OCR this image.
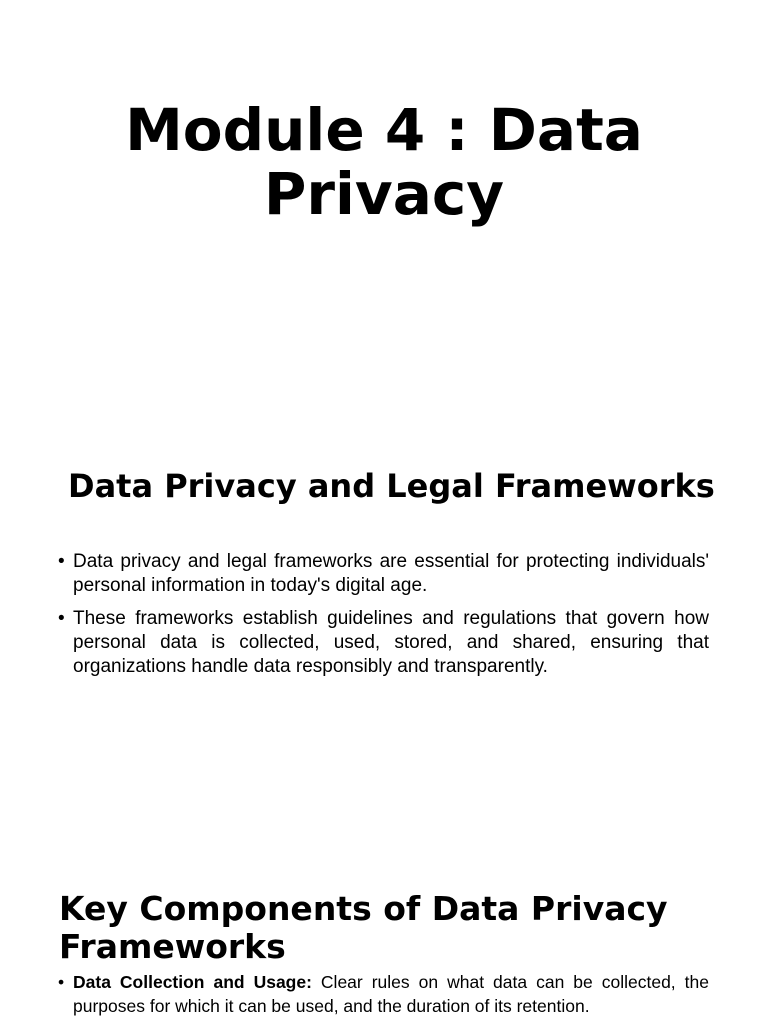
Module 4 : Data Privacy
Data Privacy and Legal Frameworks
• Data privacy and legal frameworks are essential for protecting individuals' personal information in today's digital age.
• These frameworks establish guidelines and regulations that govern how personal data is collected, used, stored, and shared, ensuring that organizations handle data responsibly and transparently.
Key Components of Data Privacy Frameworks
• Data Collection and Usage: Clear rules on what data can be collected, the purposes for which it can be used, and the duration of its retention.
